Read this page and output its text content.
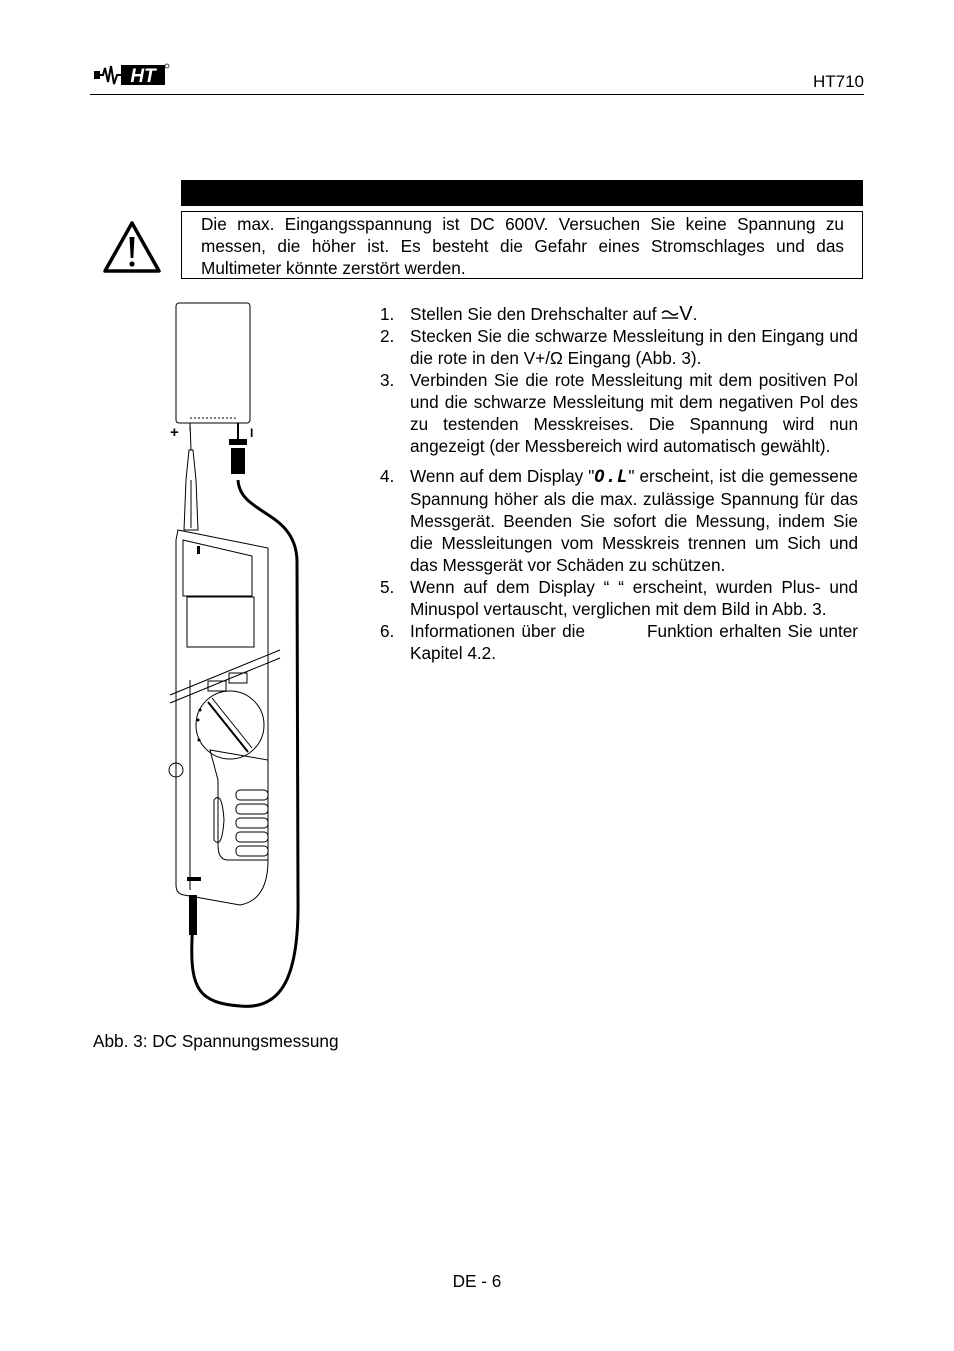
HT	HT710
Die max. Eingangsspannung ist DC 600V. Versuchen Sie keine Spannung zu messen, die höher ist. Es besteht die Gefahr eines Stromschlages und das Multimeter könnte zerstört werden.
+	I
Abb. 3: DC Spannungsmessung
1. Stellen Sie den Drehschalter auf V.
2. Stecken Sie die schwarze Messleitung in den Eingang und die rote in den V+/Ω Eingang (Abb. 3).
3. Verbinden Sie die rote Messleitung mit dem positiven Pol und die schwarze Messleitung mit dem negativen Pol des zu testenden Messkreises. Die Spannung wird nun angezeigt (der Messbereich wird automatisch gewählt).
4. Wenn auf dem Display "O.L" erscheint, ist die gemessene Spannung höher als die max. zulässige Spannung für das Messgerät. Beenden Sie sofort die Messung, indem Sie die Messleitungen vom Messkreis trennen um Sich und das Messgerät vor Schäden zu schützen.
5. Wenn auf dem Display “ “ erscheint, wurden Plus- und Minuspol vertauscht, verglichen mit dem Bild in Abb. 3.
6. Informationen über die	Funktion erhalten Sie unter Kapitel 4.2.
DE - 6
